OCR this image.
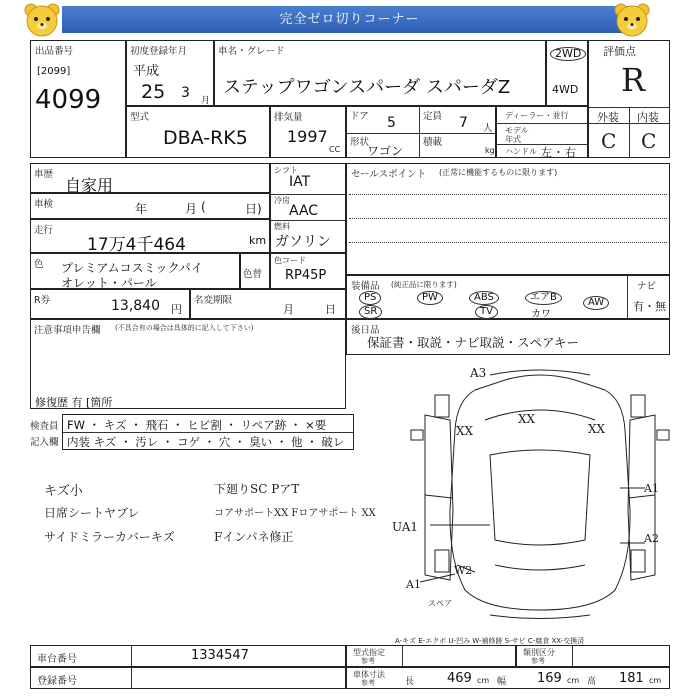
完全ゼロ切りコーナー
出品番号
[2099]
4099
初度登録年月
平成
25 3 月
車名・グレード
ステップワゴンスパーダ スパーダZ
2WD
4WD
評価点
R
外装 内装
C C
型式
DBA-RK5
排気量
1997
CC
ドア 5	定員 7 人
形状
ワゴン
積載
kg
ディーラー・並行
モデル
年式
ハンドル 左 ・ 右
車歴
自家用
車検	年	月 (	日)
走行
17万4千464	km
シフト
IAT
冷房
AAC
燃料
ガソリン
色 プレミアムコスミックパイ
オレット・パール
色替
色コード
RP45P
R券	13,840 円
名変期限
月	日
注意事項申告欄 (不具合有の場合は具体的に記入して下さい)
修復歴 有 [箇所
検査員
記入欄
FW ・ キズ ・ 飛石 ・ ヒビ割 ・ リペア跡 ・ ×要
内装 キズ ・ 汚レ ・ コゲ ・ 穴 ・ 臭い ・ 他 ・ 破レ
キズ小
日席シートヤブレ
サイドミラーカバーキズ
下廻りSC PアT
コアサポートXX Fロアサポート XX
Fインパネ修正
セールスポイント (正常に機能するものに限ります)
装備品 (純正品に限ります)
PS	PW	ABS	エアB	AW
SR	TV	カワ
ナビ
有・無
後日品
保証書・取説・ナビ取説・スペアキー
A3
XX
XX	XX
A1
A2
UA1
W2
A1
スペア
A-キズ E-エクボ U-凹み W-補修跡 S-サビ C-腐食 XX-交換済
車台番号	1334547
登録番号
型式指定
参考
類別区分
参考
車体寸法
参考	長	469 cm 幅 169 cm 高 181 cm
